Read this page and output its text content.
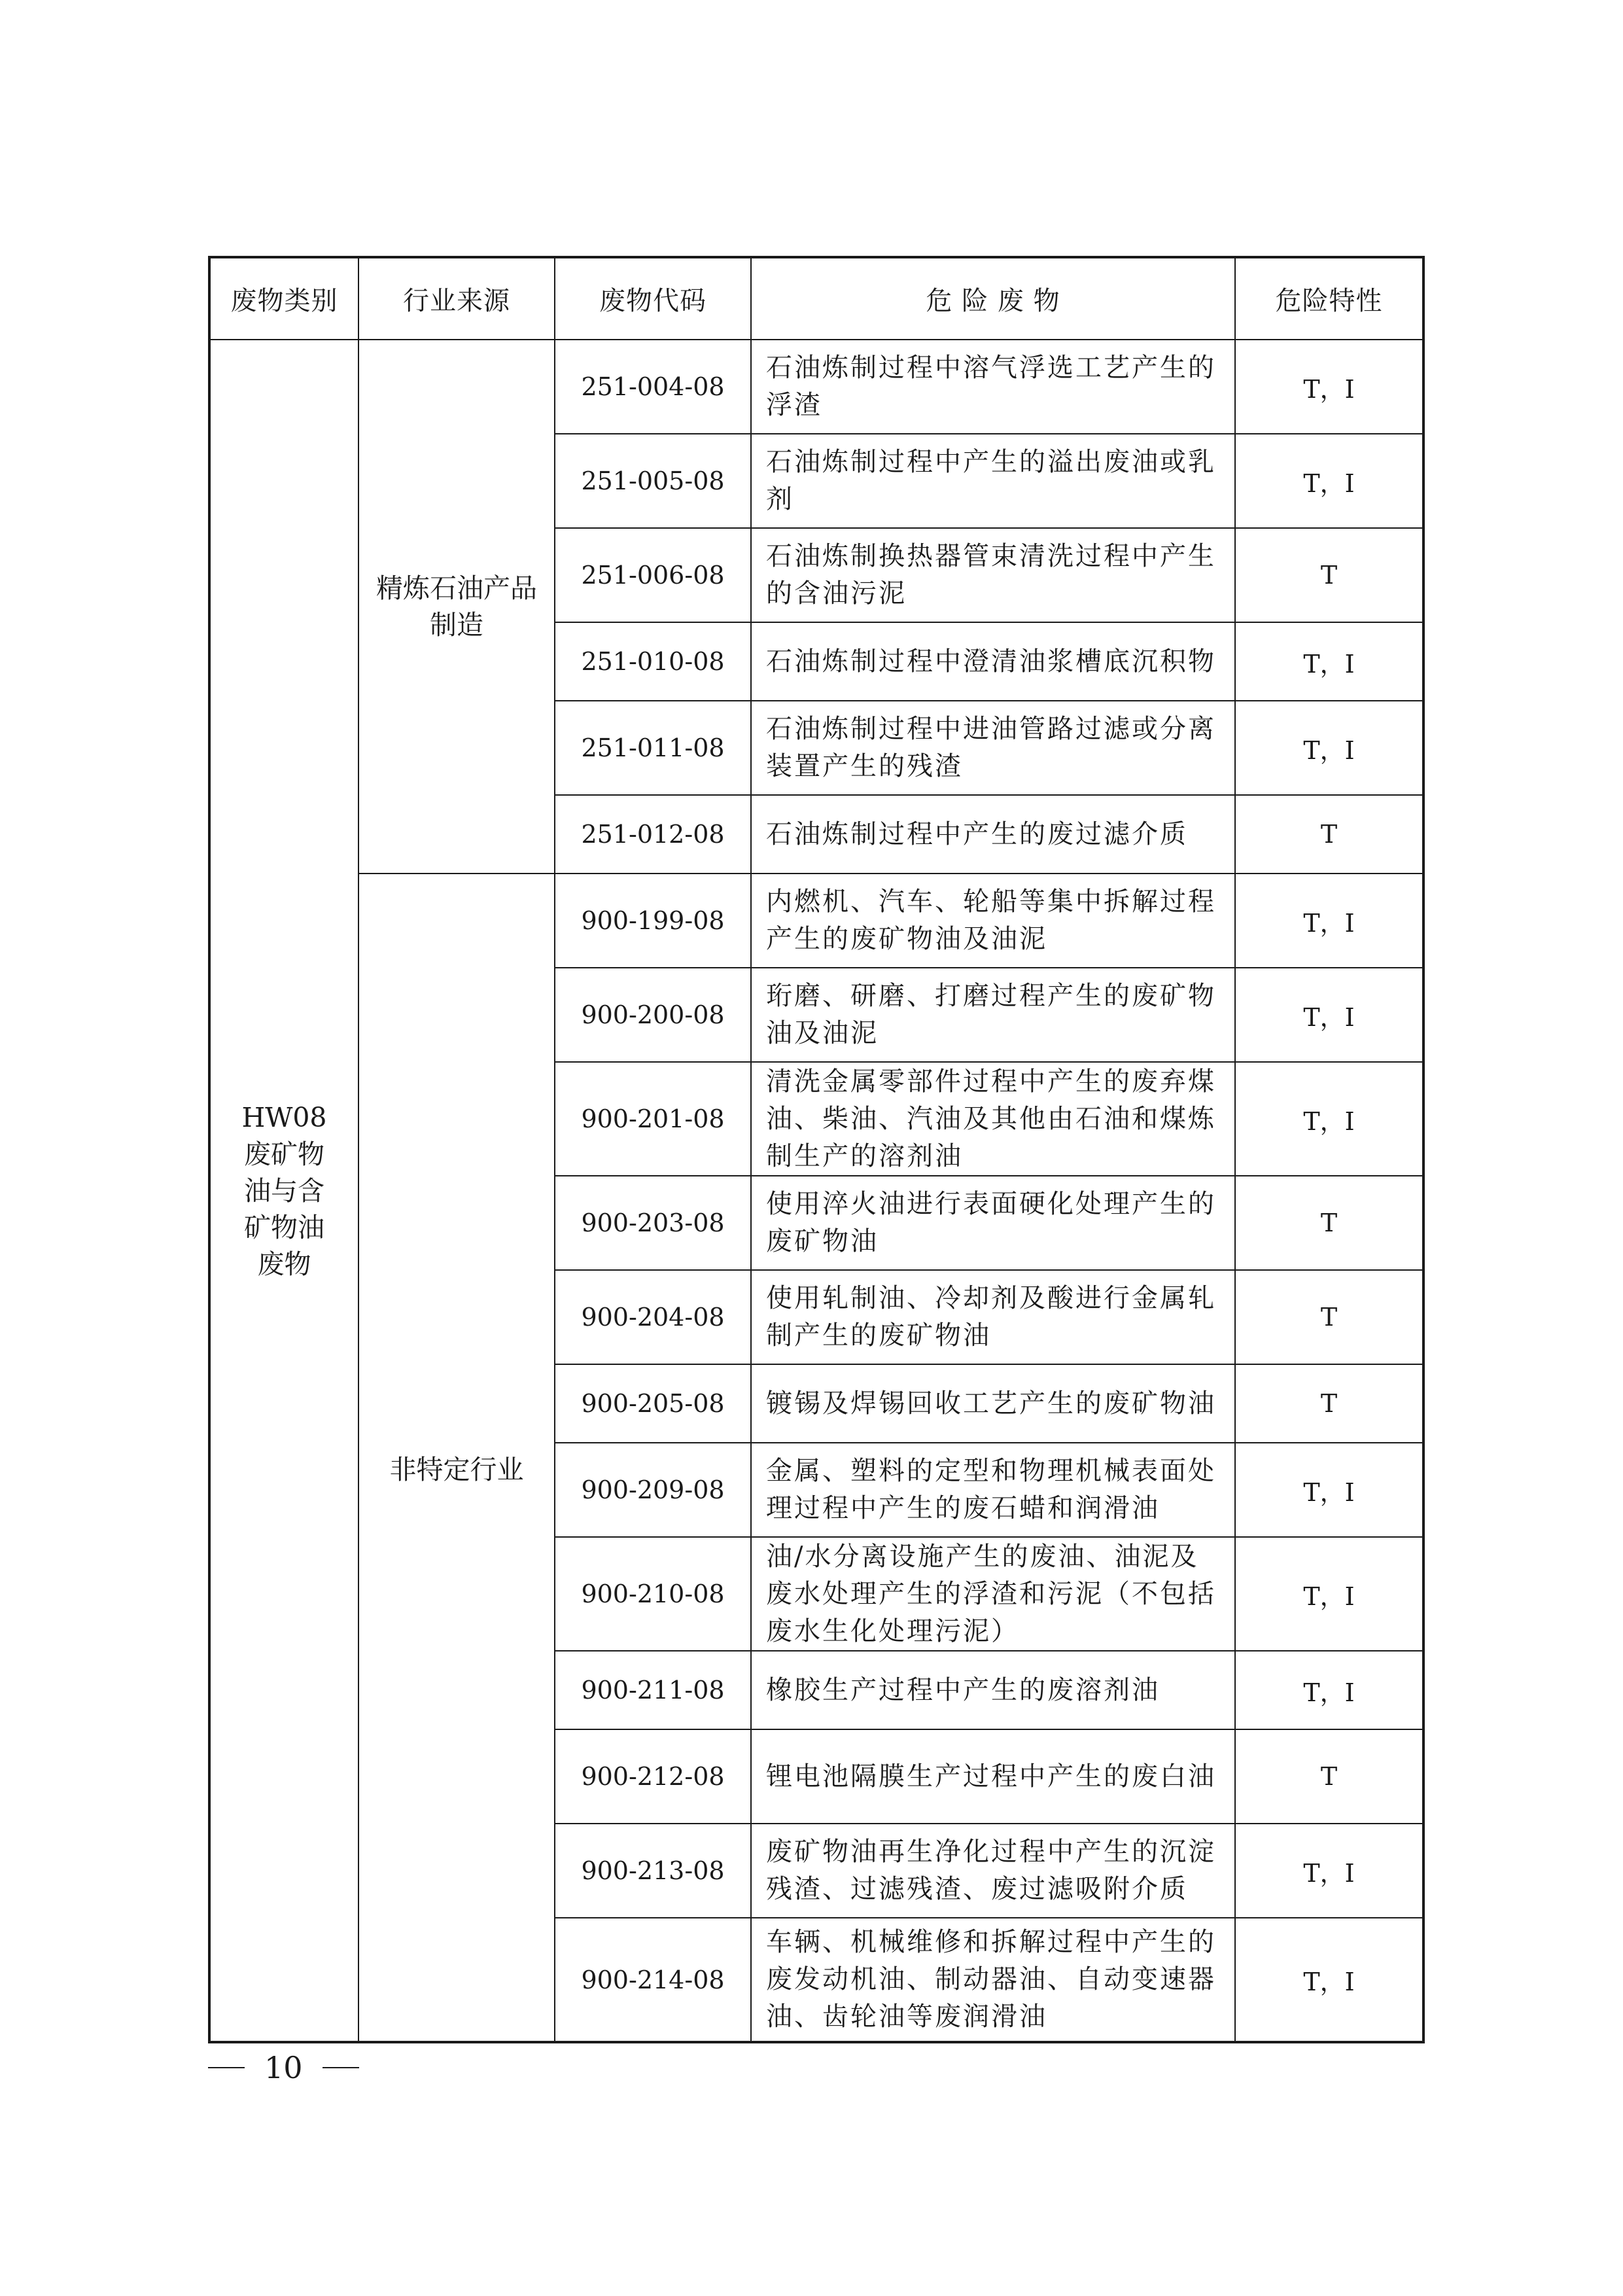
废物类别	行业来源	废物代码	危 险 废 物	危险特性

HW08
废矿物油与含矿物油废物	精炼石油产品制造	251-004-08	石油炼制过程中溶气浮选工艺产生的浮渣	T，I
		251-005-08	石油炼制过程中产生的溢出废油或乳剂	T，I
		251-006-08	石油炼制换热器管束清洗过程中产生的含油污泥	T
		251-010-08	石油炼制过程中澄清油浆槽底沉积物	T，I
		251-011-08	石油炼制过程中进油管路过滤或分离装置产生的残渣	T，I
		251-012-08	石油炼制过程中产生的废过滤介质	T
	非特定行业	900-199-08	内燃机、汽车、轮船等集中拆解过程产生的废矿物油及油泥	T，I
		900-200-08	珩磨、研磨、打磨过程产生的废矿物油及油泥	T，I
		900-201-08	清洗金属零部件过程中产生的废弃煤油、柴油、汽油及其他由石油和煤炼制生产的溶剂油	T，I
		900-203-08	使用淬火油进行表面硬化处理产生的废矿物油	T
		900-204-08	使用轧制油、冷却剂及酸进行金属轧制产生的废矿物油	T
		900-205-08	镀锡及焊锡回收工艺产生的废矿物油	T
		900-209-08	金属、塑料的定型和物理机械表面处理过程中产生的废石蜡和润滑油	T，I
		900-210-08	油/水分离设施产生的废油、油泥及废水处理产生的浮渣和污泥（不包括废水生化处理污泥）	T，I
		900-211-08	橡胶生产过程中产生的废溶剂油	T，I
		900-212-08	锂电池隔膜生产过程中产生的废白油	T
		900-213-08	废矿物油再生净化过程中产生的沉淀残渣、过滤残渣、废过滤吸附介质	T，I
		900-214-08	车辆、机械维修和拆解过程中产生的废发动机油、制动器油、自动变速器油、齿轮油等废润滑油	T，I
10
